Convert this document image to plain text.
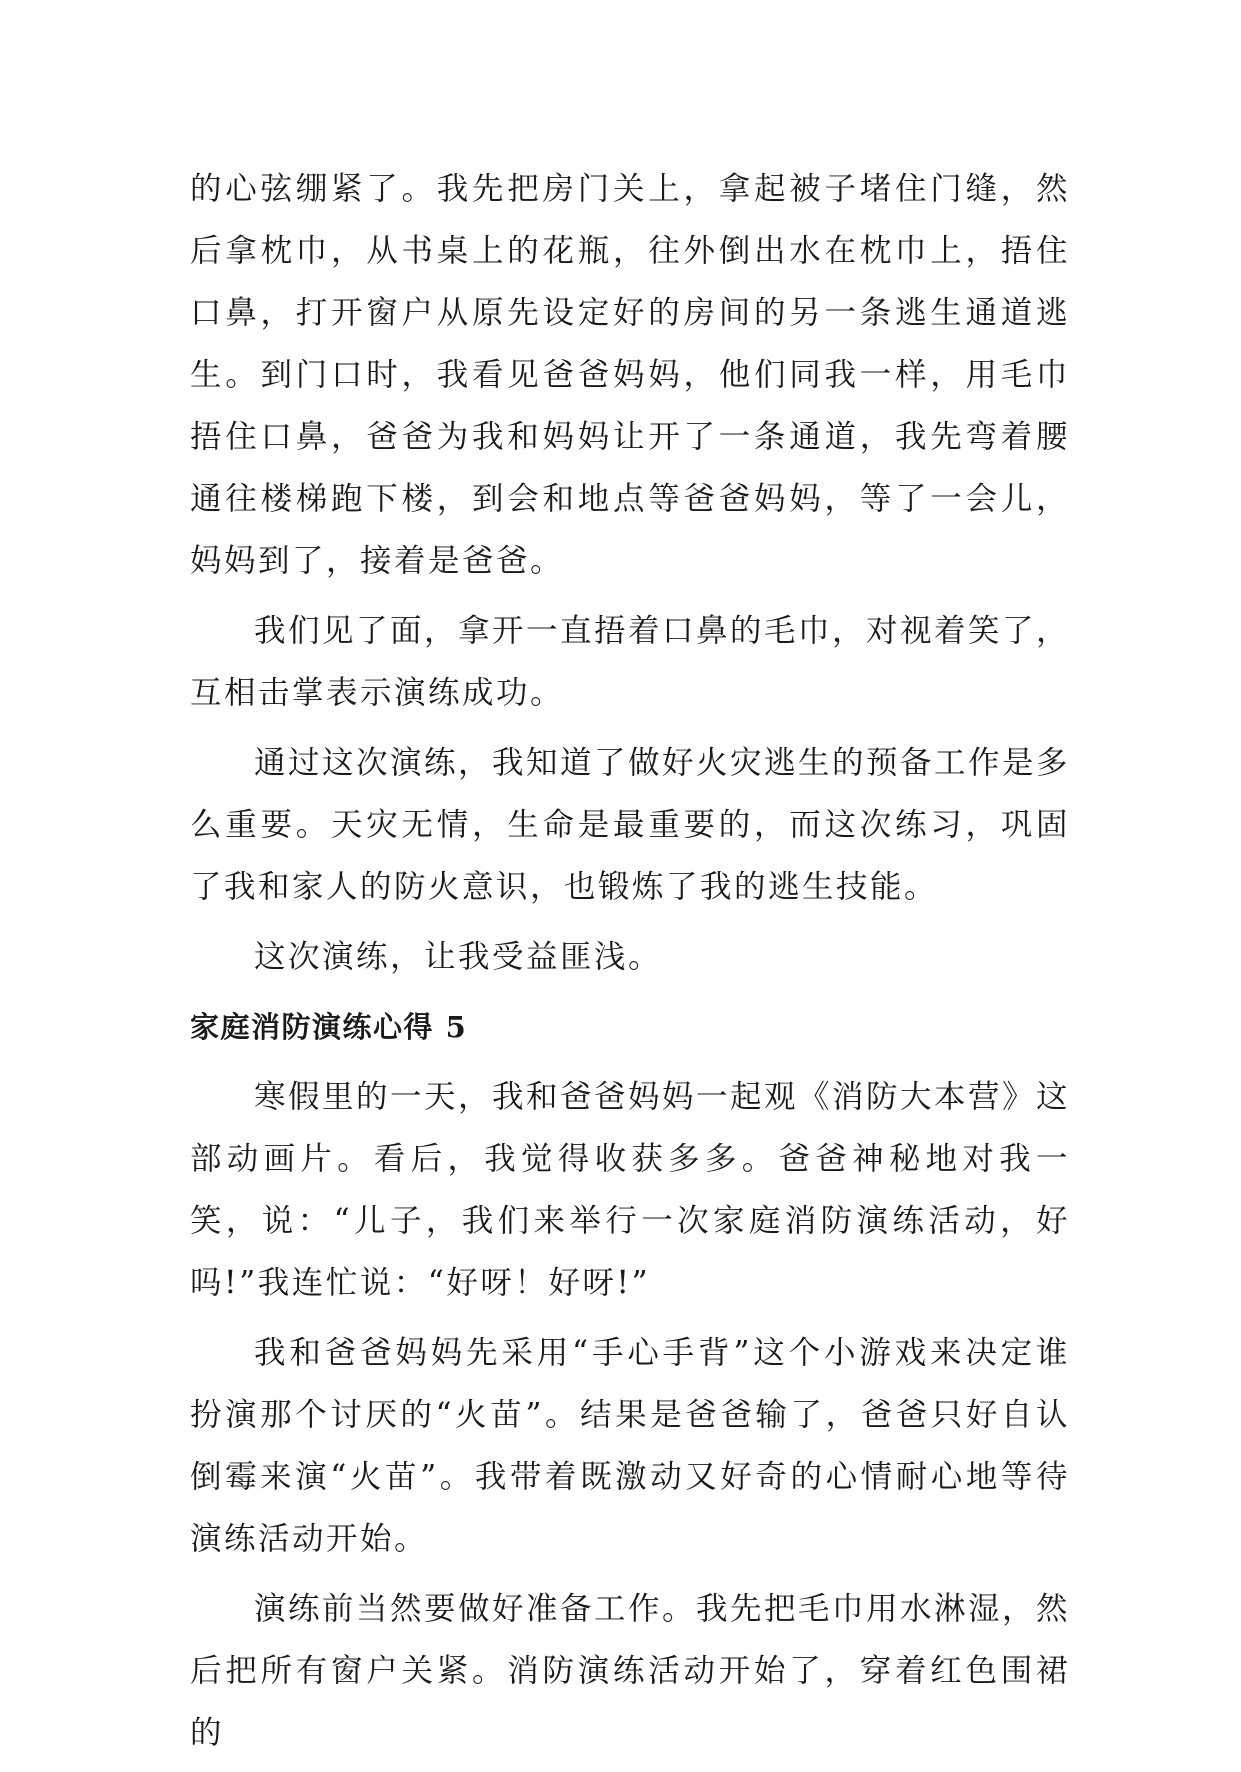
的心弦绷紧了。我先把房门关上，拿起被子堵住门缝，然后拿枕巾，从书桌上的花瓶，往外倒出水在枕巾上，捂住口鼻，打开窗户从原先设定好的房间的另一条逃生通道逃生。到门口时，我看见爸爸妈妈，他们同我一样，用毛巾捂住口鼻，爸爸为我和妈妈让开了一条通道，我先弯着腰通往楼梯跑下楼，到会和地点等爸爸妈妈，等了一会儿，妈妈到了，接着是爸爸。

我们见了面，拿开一直捂着口鼻的毛巾，对视着笑了，互相击掌表示演练成功。

通过这次演练，我知道了做好火灾逃生的预备工作是多么重要。天灾无情，生命是最重要的，而这次练习，巩固了我和家人的防火意识，也锻炼了我的逃生技能。

这次演练，让我受益匪浅。

家庭消防演练心得 5

寒假里的一天，我和爸爸妈妈一起观《消防大本营》这部动画片。看后，我觉得收获多多。爸爸神秘地对我一笑，说：“儿子，我们来举行一次家庭消防演练活动，好吗!”我连忙说：“好呀！好呀!”

我和爸爸妈妈先采用“手心手背”这个小游戏来决定谁扮演那个讨厌的“火苗”。结果是爸爸输了，爸爸只好自认倒霉来演“火苗”。我带着既激动又好奇的心情耐心地等待演练活动开始。

演练前当然要做好准备工作。我先把毛巾用水淋湿，然后把所有窗户关紧。消防演练活动开始了，穿着红色围裙的
